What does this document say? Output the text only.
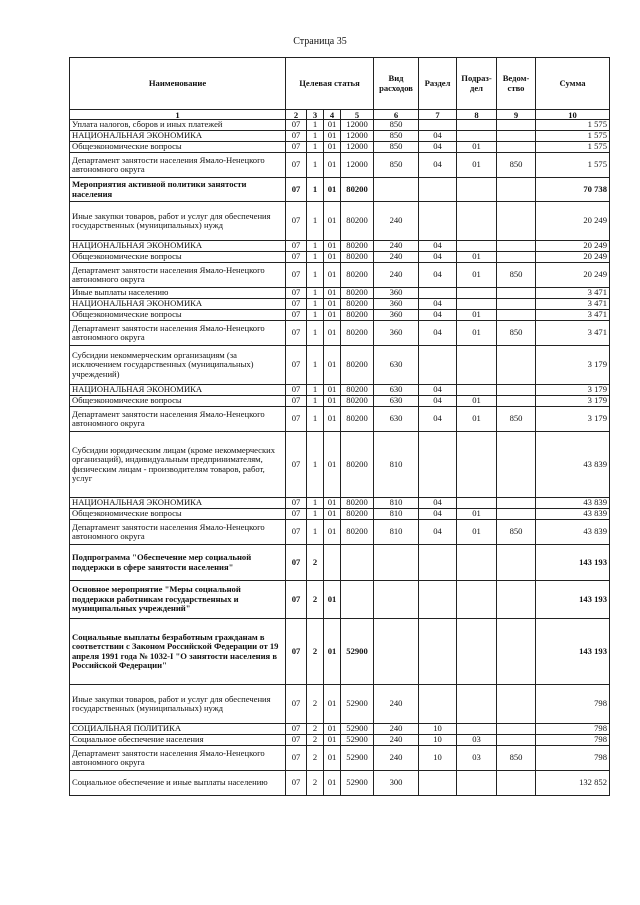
Страница 35
Наименование	Целевая статья				Вид расходов	Раздел	Подраз-дел	Ведом-ство	Сумма
1	2	3	4	5	6	7	8	9	10
Уплата налогов, сборов и иных платежей	07	1	01	12000	850				1 575
НАЦИОНАЛЬНАЯ ЭКОНОМИКА	07	1	01	12000	850	04			1 575
Общеэкономические вопросы	07	1	01	12000	850	04	01		1 575
Департамент занятости населения Ямало-Ненецкого автономного округа	07	1	01	12000	850	04	01	850	1 575
Мероприятия активной политики занятости населения	07	1	01	80200					70 738
Иные закупки товаров, работ и услуг для обеспечения государственных (муниципальных) нужд	07	1	01	80200	240				20 249
НАЦИОНАЛЬНАЯ ЭКОНОМИКА	07	1	01	80200	240	04			20 249
Общеэкономические вопросы	07	1	01	80200	240	04	01		20 249
Департамент занятости населения Ямало-Ненецкого автономного округа	07	1	01	80200	240	04	01	850	20 249
Иные выплаты населению	07	1	01	80200	360				3 471
НАЦИОНАЛЬНАЯ ЭКОНОМИКА	07	1	01	80200	360	04			3 471
Общеэкономические вопросы	07	1	01	80200	360	04	01		3 471
Департамент занятости населения Ямало-Ненецкого автономного округа	07	1	01	80200	360	04	01	850	3 471
Субсидии некоммерческим организациям (за исключением государственных (муниципальных) учреждений)	07	1	01	80200	630				3 179
НАЦИОНАЛЬНАЯ ЭКОНОМИКА	07	1	01	80200	630	04			3 179
Общеэкономические вопросы	07	1	01	80200	630	04	01		3 179
Департамент занятости населения Ямало-Ненецкого автономного округа	07	1	01	80200	630	04	01	850	3 179
Субсидии юридическим лицам (кроме некоммерческих организаций), индивидуальным предпринимателям, физическим лицам - производителям товаров, работ, услуг	07	1	01	80200	810				43 839
НАЦИОНАЛЬНАЯ ЭКОНОМИКА	07	1	01	80200	810	04			43 839
Общеэкономические вопросы	07	1	01	80200	810	04	01		43 839
Департамент занятости населения Ямало-Ненецкого автономного округа	07	1	01	80200	810	04	01	850	43 839
Подпрограмма "Обеспечение мер социальной поддержки в сфере занятости населения"	07	2							143 193
Основное мероприятие "Меры социальной поддержки работникам государственных и муниципальных учреждений"	07	2	01						143 193
Социальные выплаты безработным гражданам в соответствии с Законом Российской Федерации от 19 апреля 1991 года № 1032-I "О занятости населения в Российской Федерации"	07	2	01	52900					143 193
Иные закупки товаров, работ и услуг для обеспечения государственных (муниципальных) нужд	07	2	01	52900	240				798
СОЦИАЛЬНАЯ ПОЛИТИКА	07	2	01	52900	240	10			798
Социальное обеспечение населения	07	2	01	52900	240	10	03		798
Департамент занятости населения Ямало-Ненецкого автономного округа	07	2	01	52900	240	10	03	850	798
Социальное обеспечение и иные выплаты населению	07	2	01	52900	300				132 852
